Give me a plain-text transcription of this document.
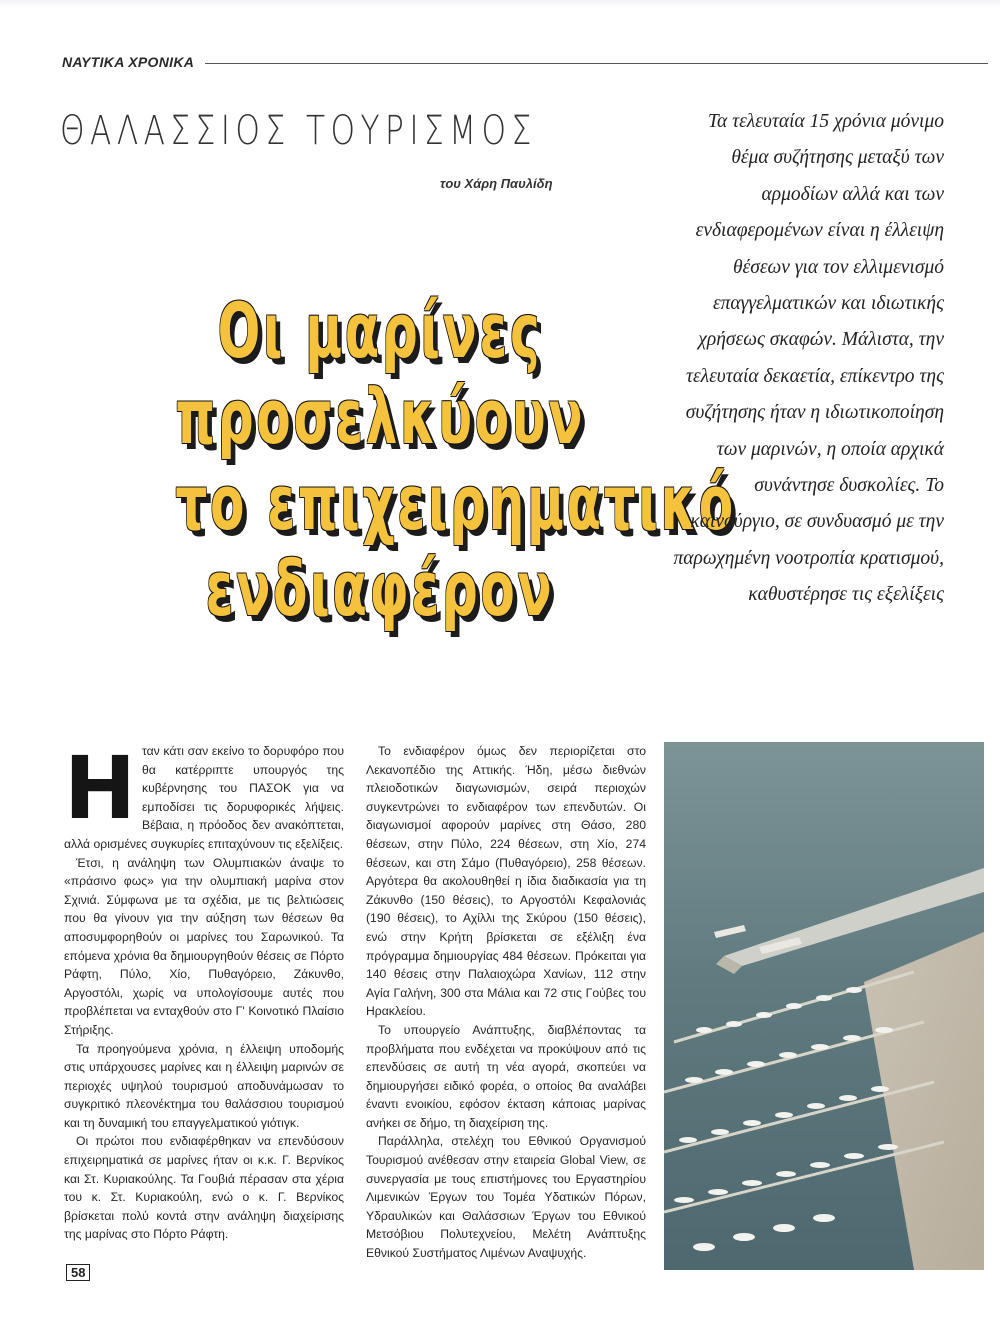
ΝΑΥΤΙΚΑ ΧΡΟΝΙΚΑ
ΘΑΛΑΣΣΙΟΣ ΤΟΥΡΙΣΜΟΣ
του Χάρη Παυλίδη
Οι μαρίνες
προσελκύουν
το επιχειρηματικό
ενδιαφέρον
Τα τελευταία 15 χρόνια μόνιμο θέμα συζήτησης μεταξύ των αρμοδίων αλλά και των ενδιαφερομένων είναι η έλλειψη θέσεων για τον ελλιμενισμό επαγγελματικών και ιδιωτικής χρήσεως σκαφών. Μάλιστα, την τελευταία δεκαετία, επίκεντρο της συζήτησης ήταν η ιδιωτικοποίηση των μαρινών, η οποία αρχικά συνάντησε δυσκολίες. Το καινούργιο, σε συνδυασμό με την παρωχημένη νοοτροπία κρατισμού, καθυστέρησε τις εξελίξεις
Η ταν κάτι σαν εκείνο το δορυφόρο που θα κατέρριπτε υπουργός της κυβέρνησης του ΠΑΣΟΚ για να εμποδίσει τις δορυφορικές λήψεις. Βέβαια, η πρόοδος δεν ανακόπτεται, αλλά ορισμένες συγκυρίες επιταχύνουν τις εξελίξεις.

Έτσι, η ανάληψη των Ολυμπιακών άναψε το «πράσινο φως» για την ολυμπιακή μαρίνα στον Σχινιά. Σύμφωνα με τα σχέδια, με τις βελτιώσεις που θα γίνουν για την αύξηση των θέσεων θα αποσυμφορηθούν οι μαρίνες του Σαρωνικού. Τα επόμενα χρόνια θα δημιουργηθούν θέσεις σε Πόρτο Ράφτη, Πύλο, Χίο, Πυθαγόρειο, Ζάκυνθο, Αργοστόλι, χωρίς να υπολογίσουμε αυτές που προβλέπεται να ενταχθούν στο Γ' Κοινοτικό Πλαίσιο Στήριξης.

Τα προηγούμενα χρόνια, η έλλειψη υποδομής στις υπάρχουσες μαρίνες και η έλλειψη μαρινών σε περιοχές υψηλού τουρισμού αποδυνάμωσαν το συγκριτικό πλεονέκτημα του θαλάσσιου τουρισμού και τη δυναμική του επαγγελματικού γιότιγκ.

Οι πρώτοι που ενδιαφέρθηκαν να επενδύσουν επιχειρηματικά σε μαρίνες ήταν οι κ.κ. Γ. Βερνίκος και Στ. Κυριακούλης. Τα Γουβιά πέρασαν στα χέρια του κ. Στ. Κυριακούλη, ενώ ο κ. Γ. Βερνίκος βρίσκεται πολύ κοντά στην ανάληψη διαχείρισης της μαρίνας στο Πόρτο Ράφτη.

Το ενδιαφέρον όμως δεν περιορίζεται στο Λεκανοπέδιο της Αττικής. Ήδη, μέσω διεθνών πλειοδοτικών διαγωνισμών, σειρά περιοχών συγκεντρώνει το ενδιαφέρον των επενδυτών. Οι διαγωνισμοί αφορούν μαρίνες στη Θάσο, 280 θέσεων, στην Πύλο, 224 θέσεων, στη Χίο, 274 θέσεων, και στη Σάμο (Πυθαγόρειο), 258 θέσεων. Αργότερα θα ακολουθηθεί η ίδια διαδικασία για τη Ζάκυνθο (150 θέσεις), το Αργοστόλι Κεφαλονιάς (190 θέσεις), το Αχίλλι της Σκύρου (150 θέσεις), ενώ στην Κρήτη βρίσκεται σε εξέλιξη ένα πρόγραμμα δημιουργίας 484 θέσεων. Πρόκειται για 140 θέσεις στην Παλαιοχώρα Χανίων, 112 στην Αγία Γαλήνη, 300 στα Μάλια και 72 στις Γούβες του Ηρακλείου.

Το υπουργείο Ανάπτυξης, διαβλέποντας τα προβλήματα που ενδέχεται να προκύψουν από τις επενδύσεις σε αυτή τη νέα αγορά, σκοπεύει να δημιουργήσει ειδικό φορέα, ο οποίος θα αναλάβει έναντι ενοικίου, εφόσον έκταση κάποιας μαρίνας ανήκει σε δήμο, τη διαχείριση της.

Παράλληλα, στελέχη του Εθνικού Οργανισμού Τουρισμού ανέθεσαν στην εταιρεία Global View, σε συνεργασία με τους επιστήμονες του Εργαστηρίου Λιμενικών Έργων του Τομέα Υδατικών Πόρων, Υδραυλικών και Θαλάσσιων Έργων του Εθνικού Μετσόβιου Πολυτεχνείου, Μελέτη Ανάπτυξης Εθνικού Συστήματος Λιμένων Αναψυχής.

58
